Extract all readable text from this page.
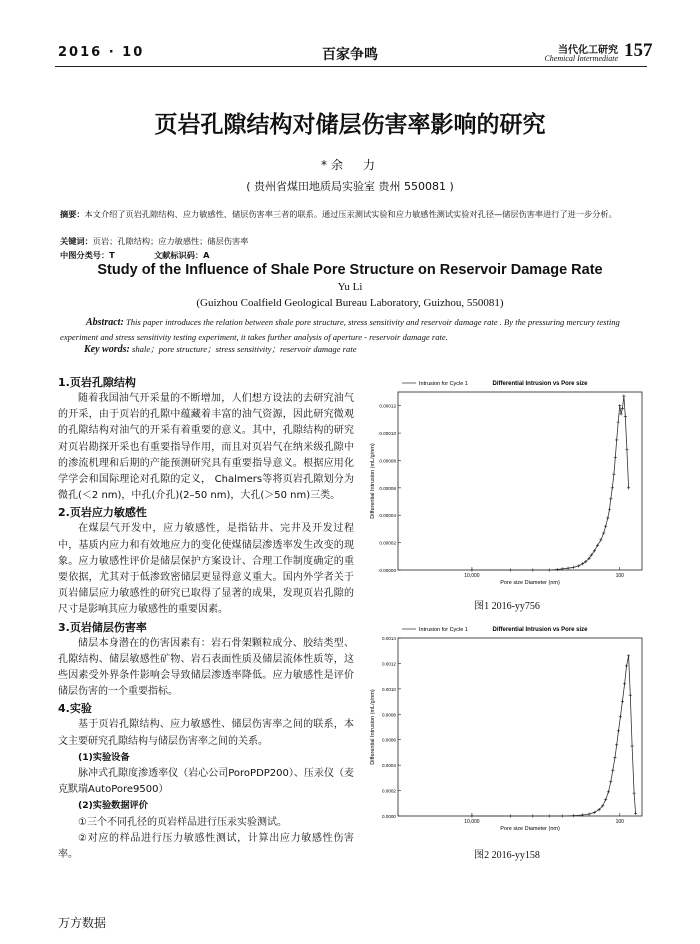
2016 · 10	百家争鸣	当代化工研究
Chemical Intermediate 157
页岩孔隙结构对储层伤害率影响的研究
*余　力
( 贵州省煤田地质局实验室 贵州 550081 )
摘要：本文介绍了页岩孔隙结构、应力敏感性、储层伤害率三者的联系。通过压汞测试实验和应力敏感性测试实验对孔径—储层伤害率进行了进一步分析。
关键词：页岩；孔隙结构；应力敏感性；储层伤害率
中图分类号：T	文献标识码：A
Study of the Influence of Shale Pore Structure on Reservoir Damage Rate
Yu Li
(Guizhou Coalfield Geological Bureau Laboratory, Guizhou, 550081)
Abstract: This paper introduces the relation between shale pore structure, stress sensitivity and reservoir damage rate . By the pressuring mercury testing experiment and stress sensitivity testing experiment, it takes further analysis of aperture - reservoir damage rate.
Key words: shale；pore structure；stress sensitivity；reservoir damage rate
1.页岩孔隙结构

随着我国油气开采量的不断增加，人们想方设法的去研究油气的开采，由于页岩的孔隙中蕴藏着丰富的油气资源，因此研究微观的孔隙结构对油气的开采有着重要的意义。其中，孔隙结构的研究对页岩勘探开采也有重要指导作用，而且对页岩气在纳米级孔隙中的渗流机理和后期的产能预测研究具有重要指导意义。根据应用化学学会和国际理论对孔隙的定义， Chalmers等将页岩孔隙划分为微孔(＜2 nm)，中孔(介孔)(2–50 nm)，大孔(＞50 nm)三类。

2.页岩应力敏感性

在煤层气开发中，应力敏感性，是指钻井、完井及开发过程中，基质内应力和有效地应力的变化使煤储层渗透率发生改变的现象。应力敏感性评价是储层保护方案设计、合理工作制度确定的重要依据，尤其对于低渗致密储层更显得意义重大。国内外学者关于页岩储层应力敏感性的研究已取得了显著的成果，发现页岩孔隙的尺寸是影响其应力敏感性的重要因素。

3.页岩储层伤害率

储层本身潜在的伤害因素有：岩石骨架颗粒成分、胶结类型、孔隙结构、储层敏感性矿物、岩石表面性质及储层流体性质等，这些因素受外界条件影响会导致储层渗透率降低。应力敏感性是评价储层伤害的一个重要指标。

4.实验

基于页岩孔隙结构、应力敏感性、储层伤害率之间的联系，本文主要研究孔隙结构与储层伤害率之间的关系。

(1)实验设备

脉冲式孔隙度渗透率仪（岩心公司PoroPDP200）、压汞仪（麦克默瑞AutoPore9500）

(2)实验数据评价

①三个不同孔径的页岩样品进行压汞实验测试。

②对应的样品进行压力敏感性测试，计算出应力敏感性伤害率。

Intrusion for Cycle 1	Differential Intrusion vs Pore size
Pore size Diameter (nm)
Differential Intrusion (mL/g/nm)
10,000	100
0.00000
0.00002
0.00004
0.00006
0.00008
0.00010
0.00012
图1 2016-yy756
Intrusion for Cycle 1	Differential Intrusion vs Pore size
Pore size Diameter (nm)
Differential Intrusion (mL/g/nm)
10,000	100
0.0000
0.0002
0.0004
0.0006
0.0008
0.0010
0.0012
0.0014
图2 2016-yy158
万方数据
